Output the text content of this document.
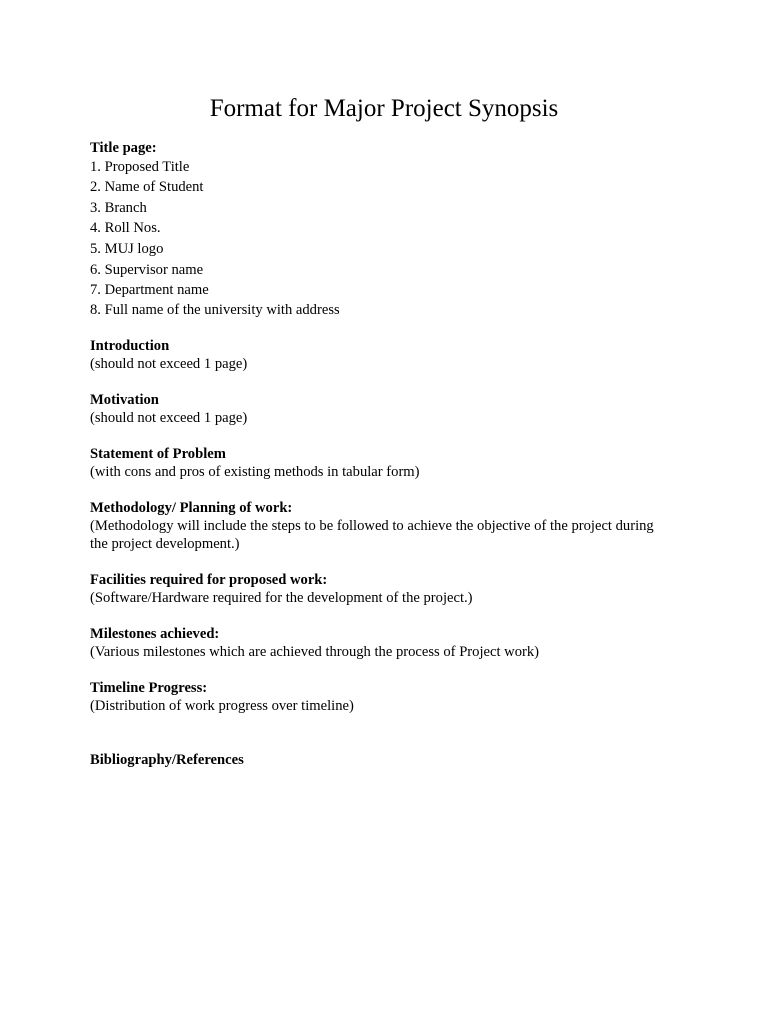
Format for Major Project Synopsis
Title page:
1. Proposed Title
2. Name of Student
3. Branch
4. Roll Nos.
5. MUJ logo
6. Supervisor name
7. Department name
8. Full name of the university with address
Introduction
(should not exceed 1 page)
Motivation
(should not exceed 1 page)
Statement of Problem
(with cons and pros of existing methods in tabular form)
Methodology/ Planning of work:
(Methodology will include the steps to be followed to achieve the objective of the project during
the project development.)
Facilities required for proposed work:
(Software/Hardware required for the development of the project.)
Milestones achieved:
(Various milestones which are achieved through the process of Project work)
Timeline Progress:
(Distribution of work progress over timeline)
Bibliography/References
